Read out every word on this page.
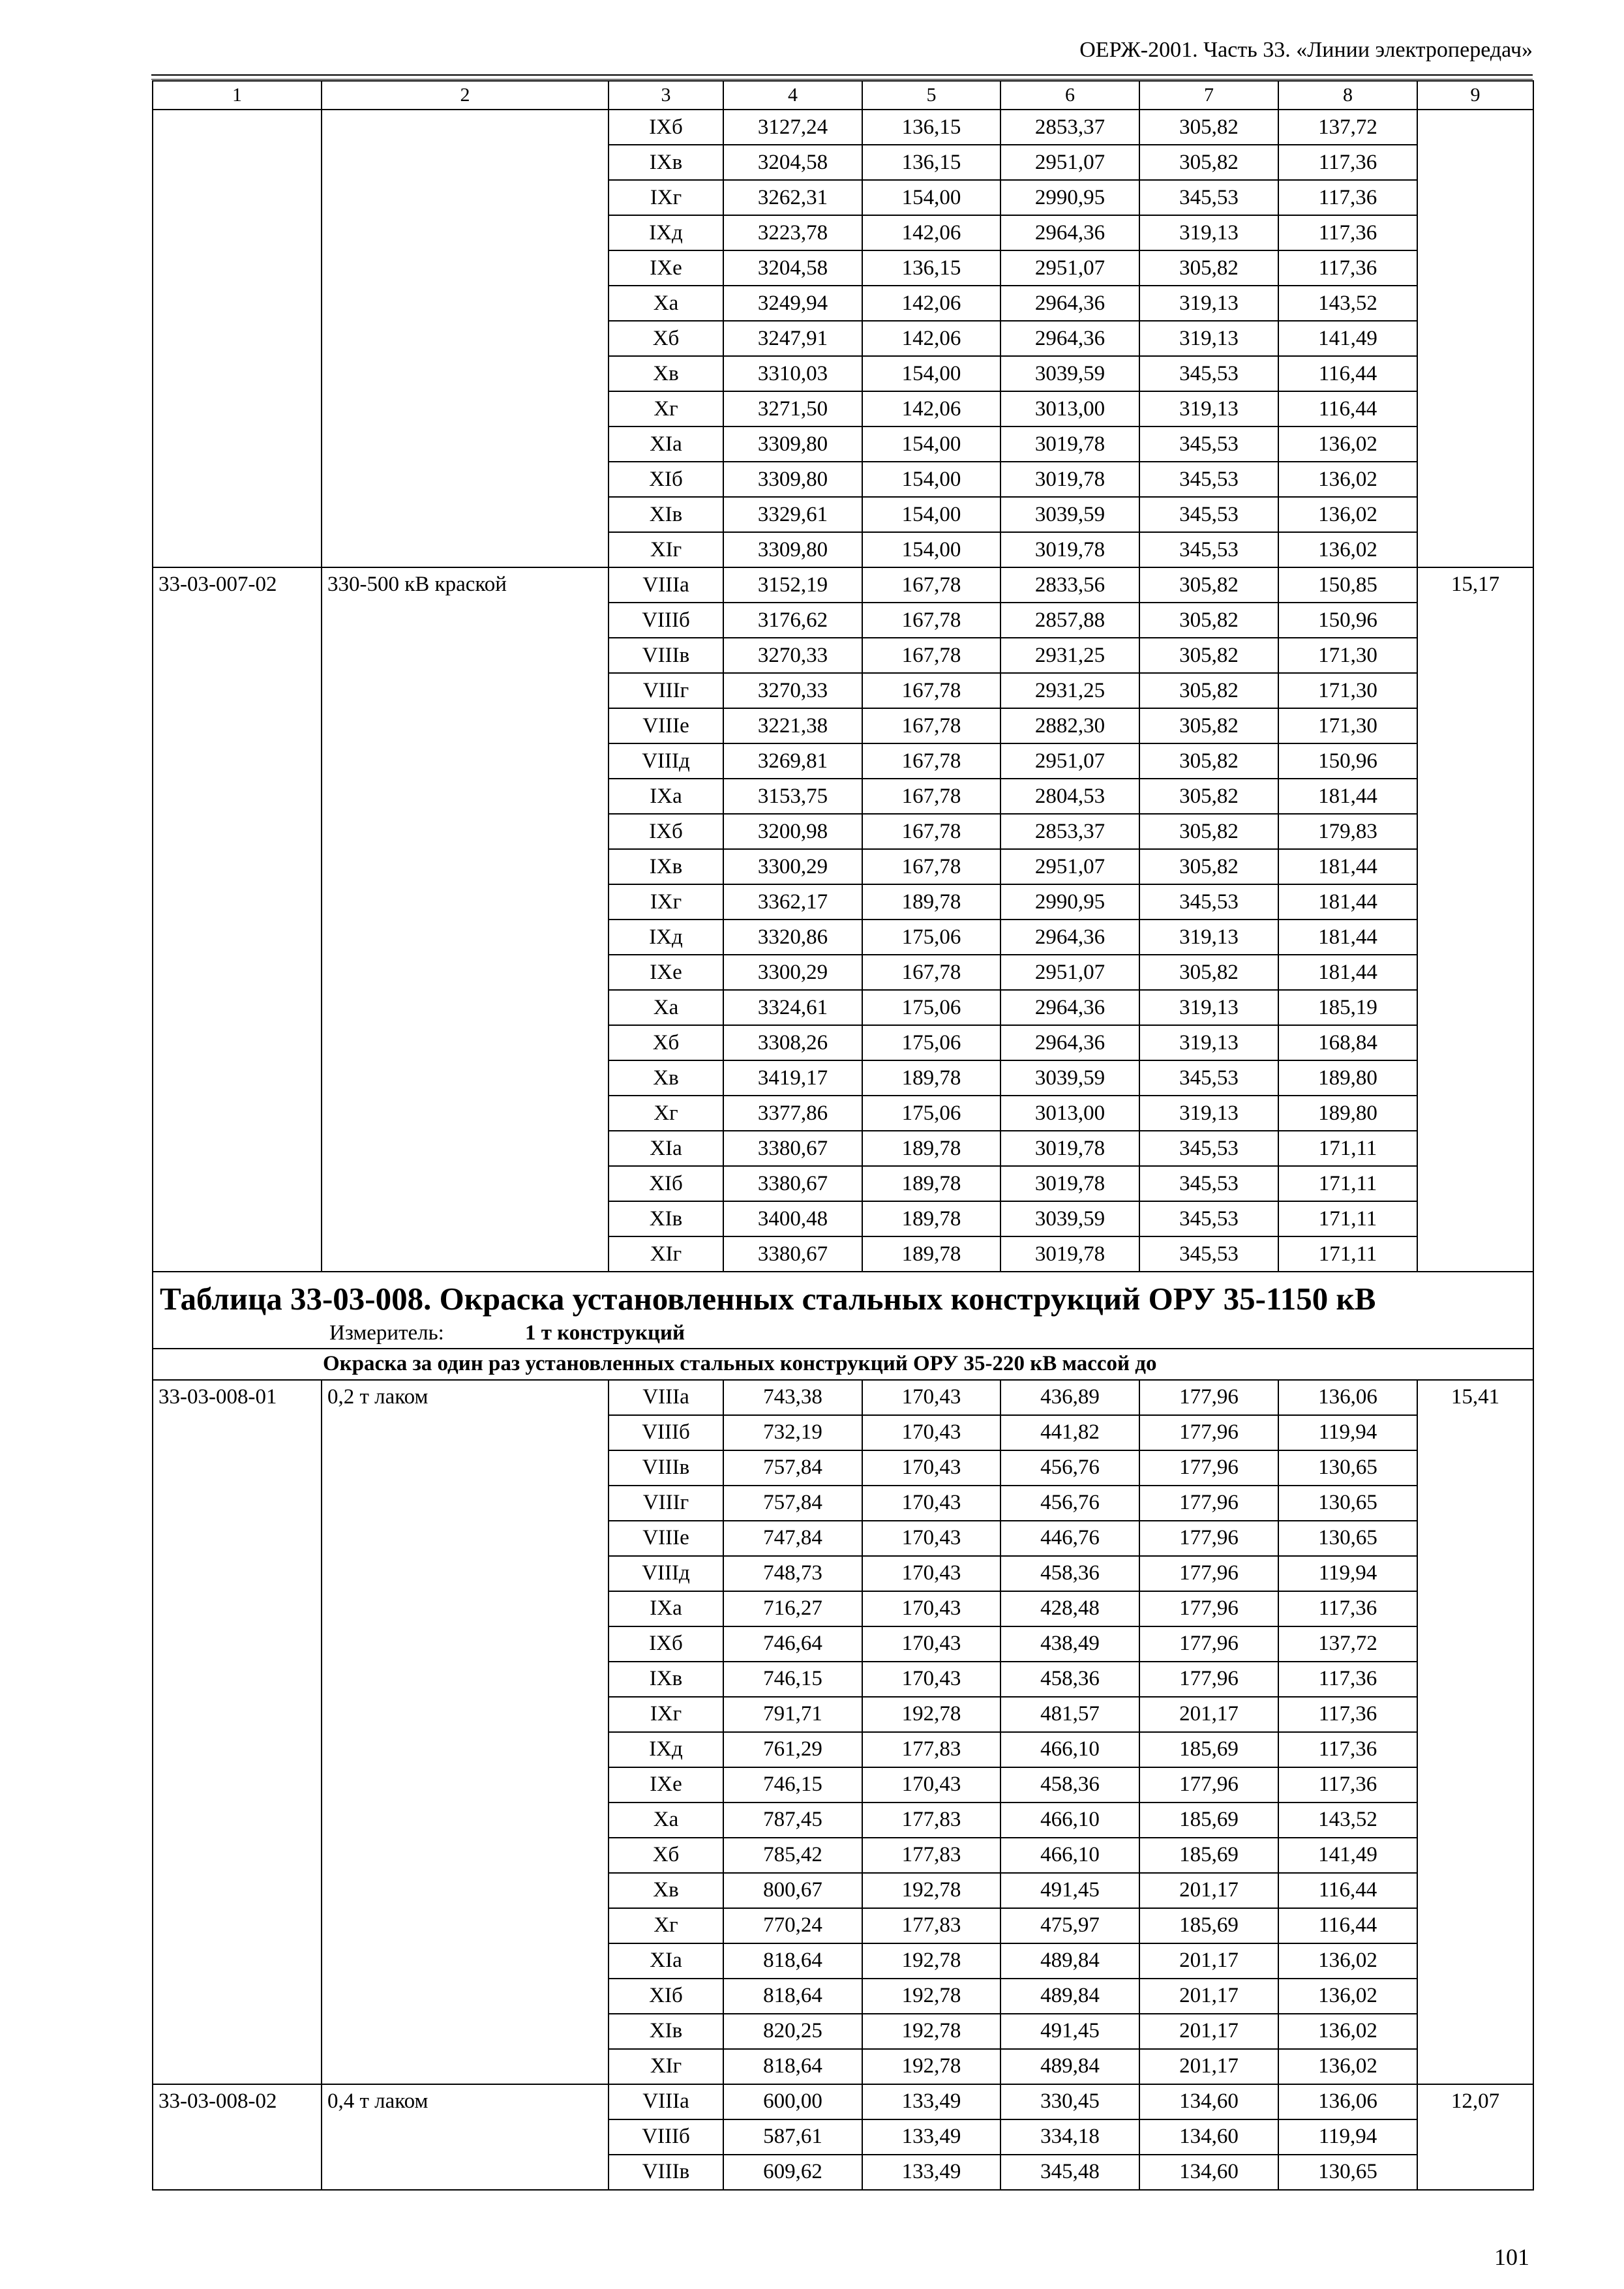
ОЕРЖ-2001. Часть 33. «Линии электропередач»
1	2	3	4	5	6	7	8	9
		IXб	3127,24	136,15	2853,37	305,82	137,72	
		IXв	3204,58	136,15	2951,07	305,82	117,36	
		IXг	3262,31	154,00	2990,95	345,53	117,36	
		IXд	3223,78	142,06	2964,36	319,13	117,36	
		IXе	3204,58	136,15	2951,07	305,82	117,36	
		Xа	3249,94	142,06	2964,36	319,13	143,52	
		Xб	3247,91	142,06	2964,36	319,13	141,49	
		Xв	3310,03	154,00	3039,59	345,53	116,44	
		Xг	3271,50	142,06	3013,00	319,13	116,44	
		XIа	3309,80	154,00	3019,78	345,53	136,02	
		XIб	3309,80	154,00	3019,78	345,53	136,02	
		XIв	3329,61	154,00	3039,59	345,53	136,02	
		XIг	3309,80	154,00	3019,78	345,53	136,02	
33-03-007-02	330-500 кВ краской	VIIIа	3152,19	167,78	2833,56	305,82	150,85	15,17
		VIIIб	3176,62	167,78	2857,88	305,82	150,96	
		VIIIв	3270,33	167,78	2931,25	305,82	171,30	
		VIIIг	3270,33	167,78	2931,25	305,82	171,30	
		VIIIе	3221,38	167,78	2882,30	305,82	171,30	
		VIIIд	3269,81	167,78	2951,07	305,82	150,96	
		IXа	3153,75	167,78	2804,53	305,82	181,44	
		IXб	3200,98	167,78	2853,37	305,82	179,83	
		IXв	3300,29	167,78	2951,07	305,82	181,44	
		IXг	3362,17	189,78	2990,95	345,53	181,44	
		IXд	3320,86	175,06	2964,36	319,13	181,44	
		IXе	3300,29	167,78	2951,07	305,82	181,44	
		Xа	3324,61	175,06	2964,36	319,13	185,19	
		Xб	3308,26	175,06	2964,36	319,13	168,84	
		Xв	3419,17	189,78	3039,59	345,53	189,80	
		Xг	3377,86	175,06	3013,00	319,13	189,80	
		XIа	3380,67	189,78	3019,78	345,53	171,11	
		XIб	3380,67	189,78	3019,78	345,53	171,11	
		XIв	3400,48	189,78	3039,59	345,53	171,11	
		XIг	3380,67	189,78	3019,78	345,53	171,11	

Таблица 33-03-008. Окраска установленных стальных конструкций ОРУ 35-1150 кВ
Измеритель: 1 т конструкций								

Окраска за один раз установленных стальных конструкций ОРУ 35-220 кВ массой до								
33-03-008-01	0,2 т лаком	VIIIа	743,38	170,43	436,89	177,96	136,06	15,41
		VIIIб	732,19	170,43	441,82	177,96	119,94	
		VIIIв	757,84	170,43	456,76	177,96	130,65	
		VIIIг	757,84	170,43	456,76	177,96	130,65	
		VIIIе	747,84	170,43	446,76	177,96	130,65	
		VIIIд	748,73	170,43	458,36	177,96	119,94	
		IXа	716,27	170,43	428,48	177,96	117,36	
		IXб	746,64	170,43	438,49	177,96	137,72	
		IXв	746,15	170,43	458,36	177,96	117,36	
		IXг	791,71	192,78	481,57	201,17	117,36	
		IXд	761,29	177,83	466,10	185,69	117,36	
		IXе	746,15	170,43	458,36	177,96	117,36	
		Xа	787,45	177,83	466,10	185,69	143,52	
		Xб	785,42	177,83	466,10	185,69	141,49	
		Xв	800,67	192,78	491,45	201,17	116,44	
		Xг	770,24	177,83	475,97	185,69	116,44	
		XIа	818,64	192,78	489,84	201,17	136,02	
		XIб	818,64	192,78	489,84	201,17	136,02	
		XIв	820,25	192,78	491,45	201,17	136,02	
		XIг	818,64	192,78	489,84	201,17	136,02	
33-03-008-02	0,4 т лаком	VIIIа	600,00	133,49	330,45	134,60	136,06	12,07
		VIIIб	587,61	133,49	334,18	134,60	119,94	
		VIIIв	609,62	133,49	345,48	134,60	130,65	
101
